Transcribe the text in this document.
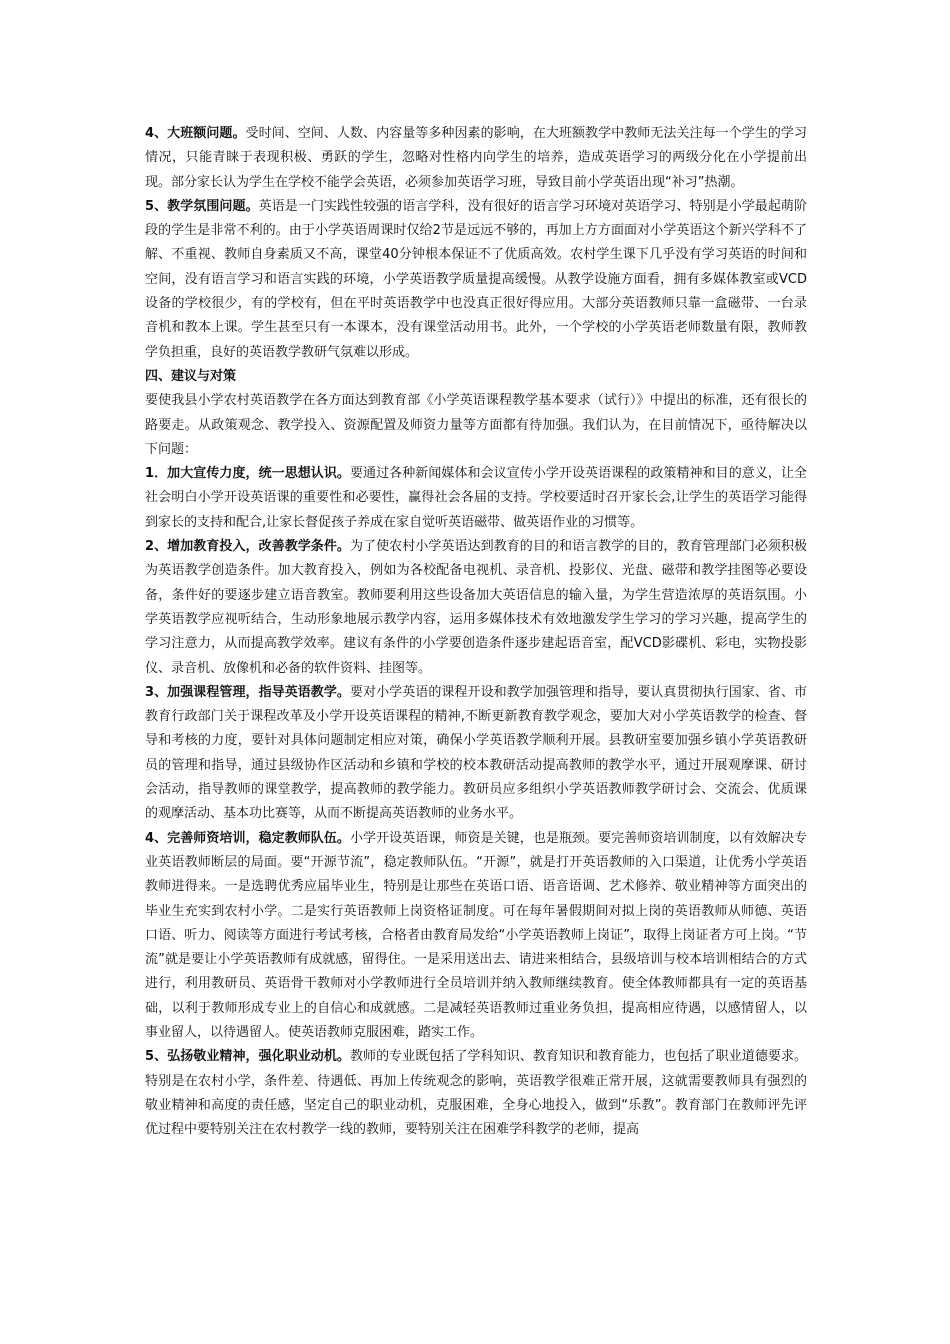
4、大班额问题。受时间、空间、人数、内容量等多种因素的影响，在大班额教学中教师无法关注每一个学生的学习情况，只能青睐于表现积极、勇跃的学生，忽略对性格内向学生的培养，造成英语学习的两级分化在小学提前出现。部分家长认为学生在学校不能学会英语，必须参加英语学习班，导致目前小学英语出现“补习”热潮。

5、教学氛围问题。英语是一门实践性较强的语言学科，没有很好的语言学习环境对英语学习、特别是小学最起萌阶段的学生是非常不利的。由于小学英语周课时仅给2节是远远不够的，再加上方方面面对小学英语这个新兴学科不了解、不重视、教师自身素质又不高，课堂40分钟根本保证不了优质高效。农村学生课下几乎没有学习英语的时间和空间，没有语言学习和语言实践的环境，小学英语教学质量提高缓慢。从教学设施方面看，拥有多媒体教室或VCD设备的学校很少，有的学校有，但在平时英语教学中也没真正很好得应用。大部分英语教师只靠一盒磁带、一台录音机和教本上课。学生甚至只有一本课本，没有课堂活动用书。此外，一个学校的小学英语老师数量有限，教师教学负担重，良好的英语教学教研气氛难以形成。

四、建议与对策

要使我县小学农村英语教学在各方面达到教育部《小学英语课程教学基本要求（试行）》中提出的标准，还有很长的路要走。从政策观念、教学投入、资源配置及师资力量等方面都有待加强。我们认为，在目前情况下，亟待解决以下问题：

1．加大宣传力度，统一思想认识。要通过各种新闻媒体和会议宣传小学开设英语课程的政策精神和目的意义，让全社会明白小学开设英语课的重要性和必要性，赢得社会各届的支持。学校要适时召开家长会,让学生的英语学习能得到家长的支持和配合,让家长督促孩子养成在家自觉听英语磁带、做英语作业的习惯等。

2、增加教育投入，改善教学条件。为了使农村小学英语达到教育的目的和语言教学的目的，教育管理部门必须积极为英语教学创造条件。加大教育投入，例如为各校配备电视机、录音机、投影仪、光盘、磁带和教学挂图等必要设备，条件好的要逐步建立语音教室。教师要利用这些设备加大英语信息的输入量，为学生营造浓厚的英语氛围。小学英语教学应视听结合，生动形象地展示教学内容，运用多媒体技术有效地激发学生学习的学习兴趣，提高学生的学习注意力，从而提高教学效率。建议有条件的小学要创造条件逐步建起语音室，配VCD影碟机、彩电，实物投影仪、录音机、放像机和必备的软件资料、挂图等。

3、加强课程管理，指导英语教学。要对小学英语的课程开设和教学加强管理和指导，要认真贯彻执行国家、省、市教育行政部门关于课程改革及小学开设英语课程的精神,不断更新教育教学观念，要加大对小学英语教学的检查、督导和考核的力度，要针对具体问题制定相应对策，确保小学英语教学顺利开展。县教研室要加强乡镇小学英语教研员的管理和指导，通过县级协作区活动和乡镇和学校的校本教研活动提高教师的教学水平，通过开展观摩课、研讨会活动，指导教师的课堂教学，提高教师的教学能力。教研员应多组织小学英语教师教学研讨会、交流会、优质课的观摩活动、基本功比赛等，从而不断提高英语教师的业务水平。

4、完善师资培训，稳定教师队伍。小学开设英语课，师资是关键，也是瓶颈。要完善师资培训制度，以有效解决专业英语教师断层的局面。要“开源节流”，稳定教师队伍。“开源”，就是打开英语教师的入口渠道，让优秀小学英语教师进得来。一是选聘优秀应届毕业生，特别是让那些在英语口语、语音语调、艺术修养、敬业精神等方面突出的毕业生充实到农村小学。二是实行英语教师上岗资格证制度。可在每年暑假期间对拟上岗的英语教师从师德、英语口语、听力、阅读等方面进行考试考核，合格者由教育局发给“小学英语教师上岗证”，取得上岗证者方可上岗。“节流”就是要让小学英语教师有成就感，留得住。一是采用送出去、请进来相结合，县级培训与校本培训相结合的方式进行，利用教研员、英语骨干教师对小学教师进行全员培训并纳入教师继续教育。使全体教师都具有一定的英语基础，以利于教师形成专业上的自信心和成就感。二是减轻英语教师过重业务负担，提高相应待遇，以感情留人，以事业留人，以待遇留人。使英语教师克服困难，踏实工作。

5、弘扬敬业精神，强化职业动机。教师的专业既包括了学科知识、教育知识和教育能力，也包括了职业道德要求。特别是在农村小学，条件差、待遇低、再加上传统观念的影响，英语教学很难正常开展，这就需要教师具有强烈的敬业精神和高度的责任感，坚定自己的职业动机，克服困难，全身心地投入，做到“乐教”。教育部门在教师评先评优过程中要特别关注在农村教学一线的教师，要特别关注在困难学科教学的老师，提高
